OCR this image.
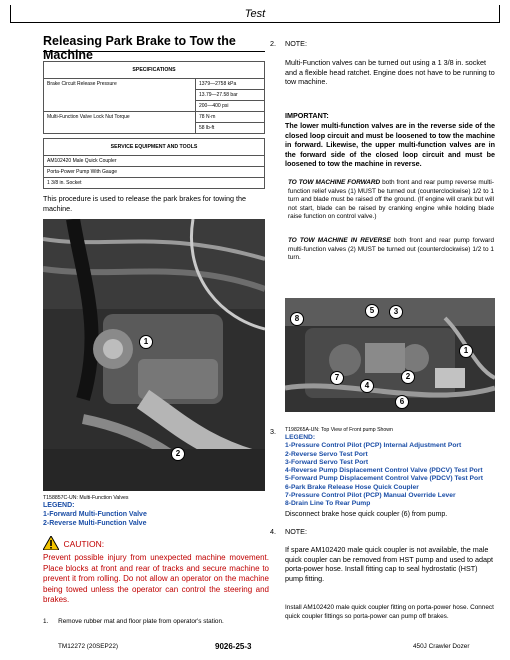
Test
Releasing Park Brake to Tow the Machine
SPECIFICATIONS	
Brake Circuit Release Pressure	1379—2758 kPa
	13.79—27.58 bar
	200—400 psi
Multi-Function Valve Lock Nut Torque	78 N·m
	58 lb-ft
SERVICE EQUIPMENT AND TOOLS
AM102420 Male Quick Coupler
Porta-Power Pump With Gauge
1 3/8 in. Socket
This procedure is used to release the park brakes for towing the machine.
1
2
T158857C-UN: Multi-Function Valves
LEGEND:
1-Forward Multi-Function Valve
2-Reverse Multi-Function Valve
CAUTION:
Prevent possible injury from unexpected machine movement. Place blocks at front and rear of tracks and secure machine to prevent it from rolling. Do not allow an operator on the machine being towed unless the operator can control the steering and brakes.
1. Remove rubber mat and floor plate from operator's station.
2. NOTE:
Multi-Function valves can be turned out using a 1 3/8 in. socket and a flexible head ratchet. Engine does not have to be running to tow machine.
IMPORTANT:
The lower multi-function valves are in the reverse side of the closed loop circuit and must be loosened to tow the machine in forward. Likewise, the upper multi-function valves are in the forward side of the closed loop circuit and must be loosened to tow the machine in reverse.
TO TOW MACHINE FORWARD both front and rear pump reverse multi-function relief valves (1) MUST be turned out (counterclockwise) 1/2 to 1 turn and blade must be raised off the ground. (If engine will crank but will not start, blade can be raised by cranking engine while holding blade raise function on control valve.)
TO TOW MACHINE IN REVERSE both front and rear pump forward multi-function valves (2) MUST be turned out (counterclockwise) 1/2 to 1 turn.
8
5	3
1
7
4
2
6
3. T198265A-UN: Top View of Front pump Shown
LEGEND:
1-Pressure Control Pilot (PCP) Internal Adjustment Port
2-Reverse Servo Test Port
3-Forward Servo Test Port
4-Reverse Pump Displacement Control Valve (PDCV) Test Port
5-Forward Pump Displacement Control Valve (PDCV) Test Port
6-Park Brake Release Hose Quick Coupler
7-Pressure Control Pilot (PCP) Manual Override Lever
8-Drain Line To Rear Pump
Disconnect brake hose quick coupler (6) from pump.
4. NOTE:
If spare AM102420 male quick coupler is not available, the male quick coupler can be removed from HST pump and used to adapt porta-power hose. Install fitting cap to seal hydrostatic (HST) pump fitting.
Install AM102420 male quick coupler fitting on porta-power hose. Connect quick coupler fittings so porta-power can pump off brakes.
TM12272 (20SEP22)	9026-25-3	450J Crawler Dozer
